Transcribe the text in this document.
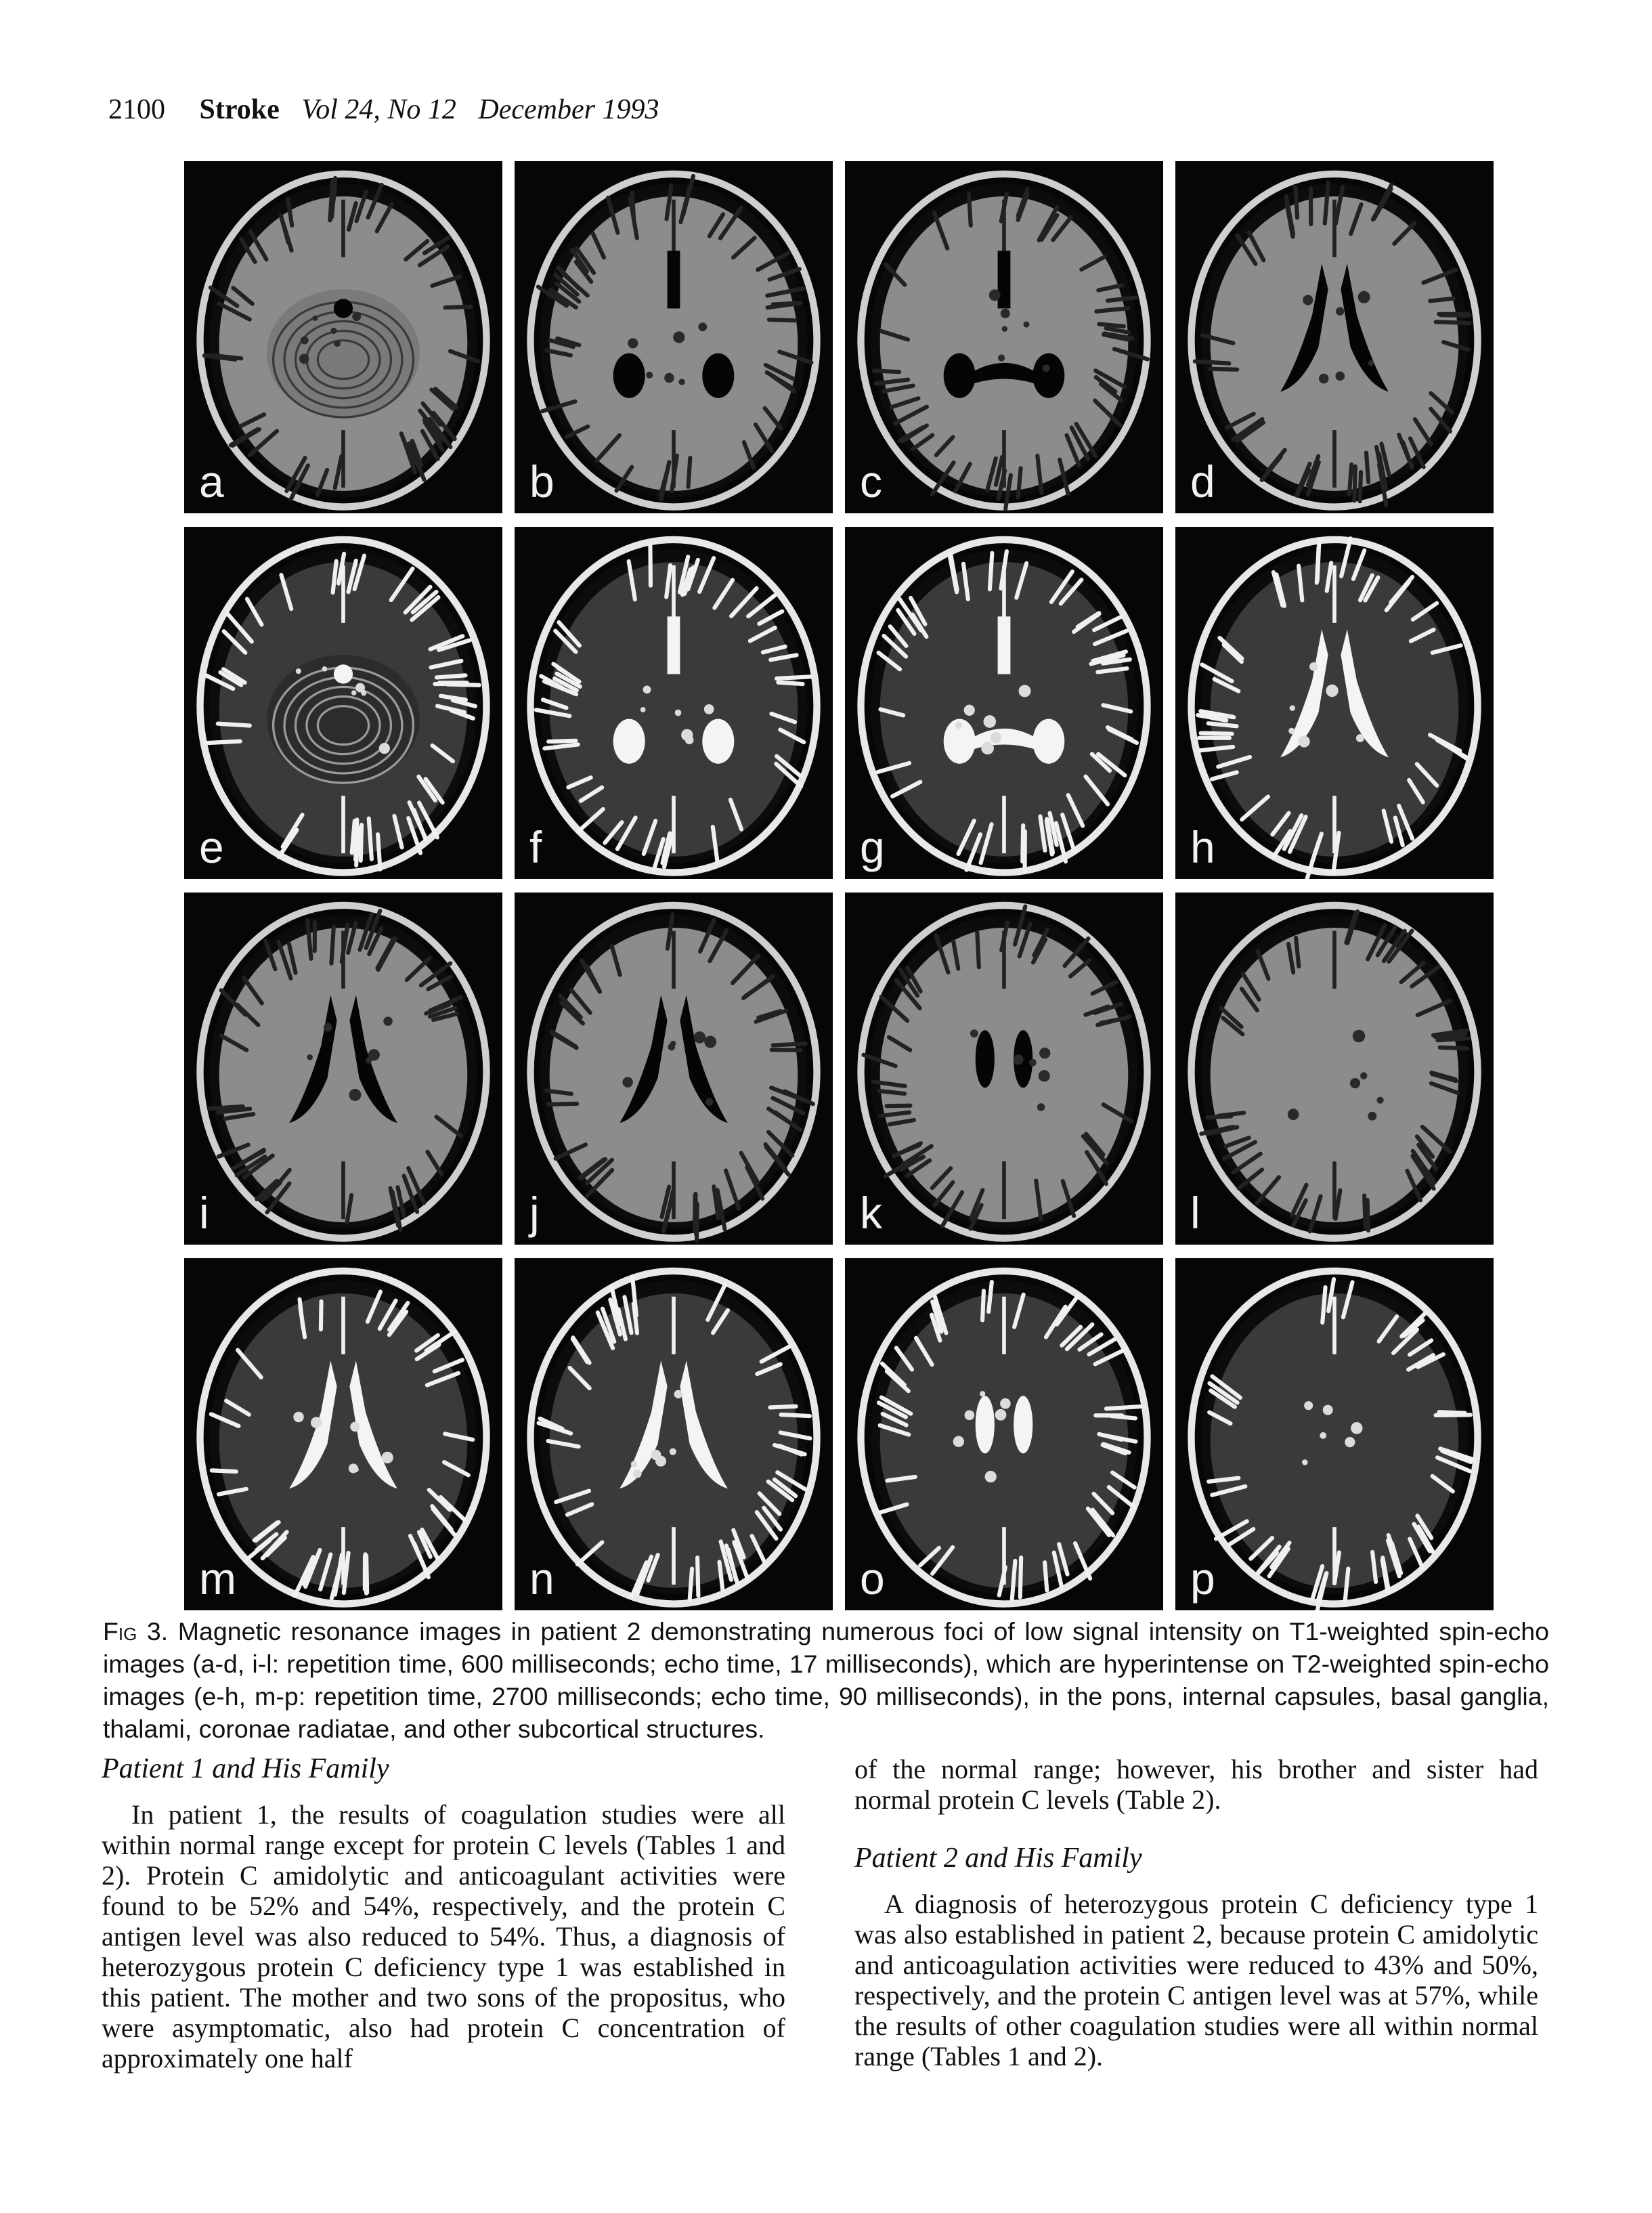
2100 Stroke Vol 24, No 12 December 1993
a	b	c	d
e	f	g	h
i	j	k	l
m	n	o	p
Fig 3. Magnetic resonance images in patient 2 demonstrating numerous foci of low signal intensity on T1-weighted spin-echo images (a-d, i-l: repetition time, 600 milliseconds; echo time, 17 milliseconds), which are hyperintense on T2-weighted spin-echo images (e-h, m-p: repetition time, 2700 milliseconds; echo time, 90 milliseconds), in the pons, internal capsules, basal ganglia, thalami, coronae radiatae, and other subcortical structures.

Patient 1 and His Family

In patient 1, the results of coagulation studies were all within normal range except for protein C levels (Tables 1 and 2). Protein C amidolytic and anticoagulant activities were found to be 52% and 54%, respectively, and the protein C antigen level was also reduced to 54%. Thus, a diagnosis of heterozygous protein C deficiency type 1 was established in this patient. The mother and two sons of the propositus, who were asymptomatic, also had protein C concentration of approximately one half

of the normal range; however, his brother and sister had normal protein C levels (Table 2).

Patient 2 and His Family

A diagnosis of heterozygous protein C deficiency type 1 was also established in patient 2, because protein C amidolytic and anticoagulation activities were reduced to 43% and 50%, respectively, and the protein C antigen level was at 57%, while the results of other coagulation studies were all within normal range (Tables 1 and 2).
